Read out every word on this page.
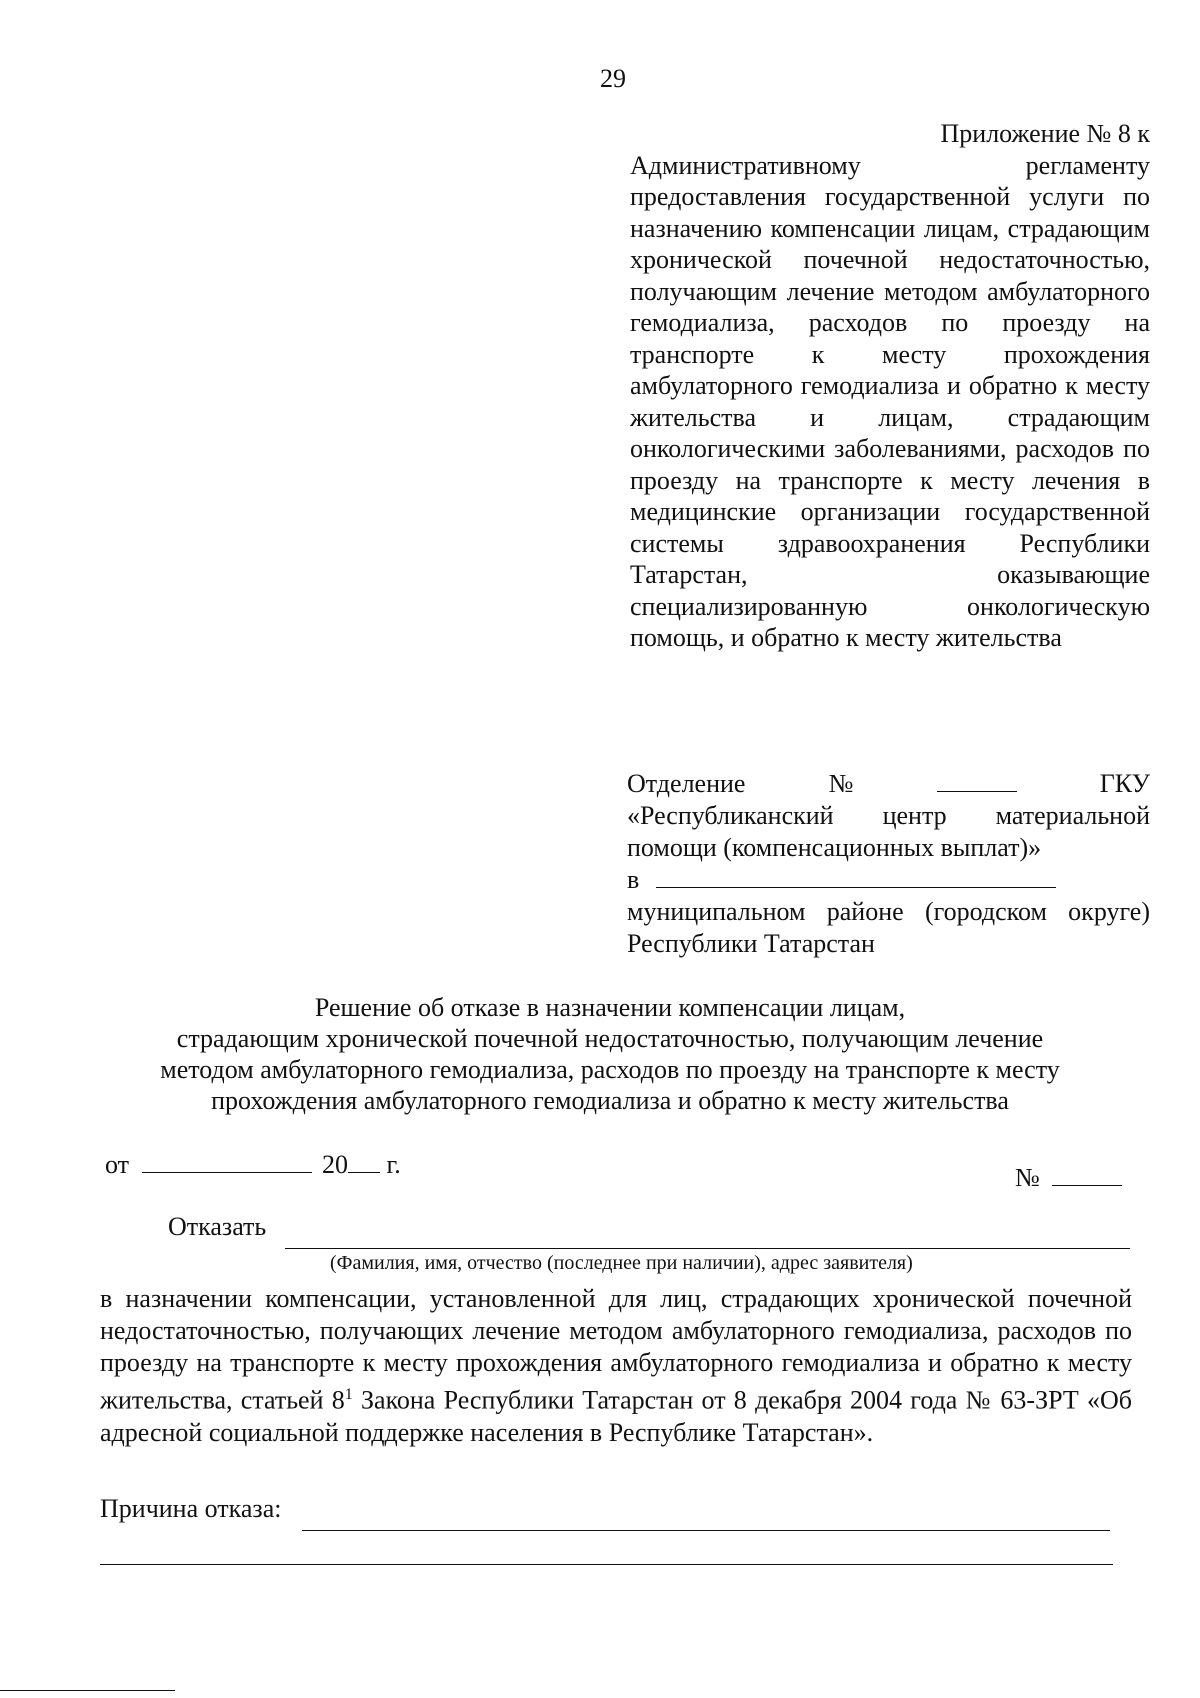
29
Приложение № 8 к
Административному регламенту предоставления государственной услуги по назначению компенсации лицам, страдающим хронической почечной недостаточностью, получающим лечение методом амбулаторного гемодиализа, расходов по проезду на транспорте к месту прохождения амбулаторного гемодиализа и обратно к месту жительства и лицам, страдающим онкологическими заболеваниями, расходов по проезду на транспорте к месту лечения в медицинские организации государственной системы здравоохранения Республики Татарстан, оказывающие специализированную онкологическую помощь, и обратно к месту жительства
Отделение	№	ГКУ
«Республиканский центр материальной помощи (компенсационных выплат)»
в
муниципальном районе (городском округе) Республики Татарстан
Решение об отказе в назначении компенсации лицам,
страдающим хронической почечной недостаточностью, получающим лечение
методом амбулаторного гемодиализа, расходов по проезду на транспорте к месту
прохождения амбулаторного гемодиализа и обратно к месту жительства
от	20 г.	№
Отказать
(Фамилия, имя, отчество (последнее при наличии), адрес заявителя)
в назначении компенсации, установленной для лиц, страдающих хронической почечной недостаточностью, получающих лечение методом амбулаторного гемодиализа, расходов по проезду на транспорте к месту прохождения амбулаторного гемодиализа и обратно к месту жительства, статьей $8^1$ Закона Республики Татарстан от 8 декабря 2004 года № 63-ЗРТ «Об адресной социальной поддержке населения в Республике Татарстан».
Причина отказа:
